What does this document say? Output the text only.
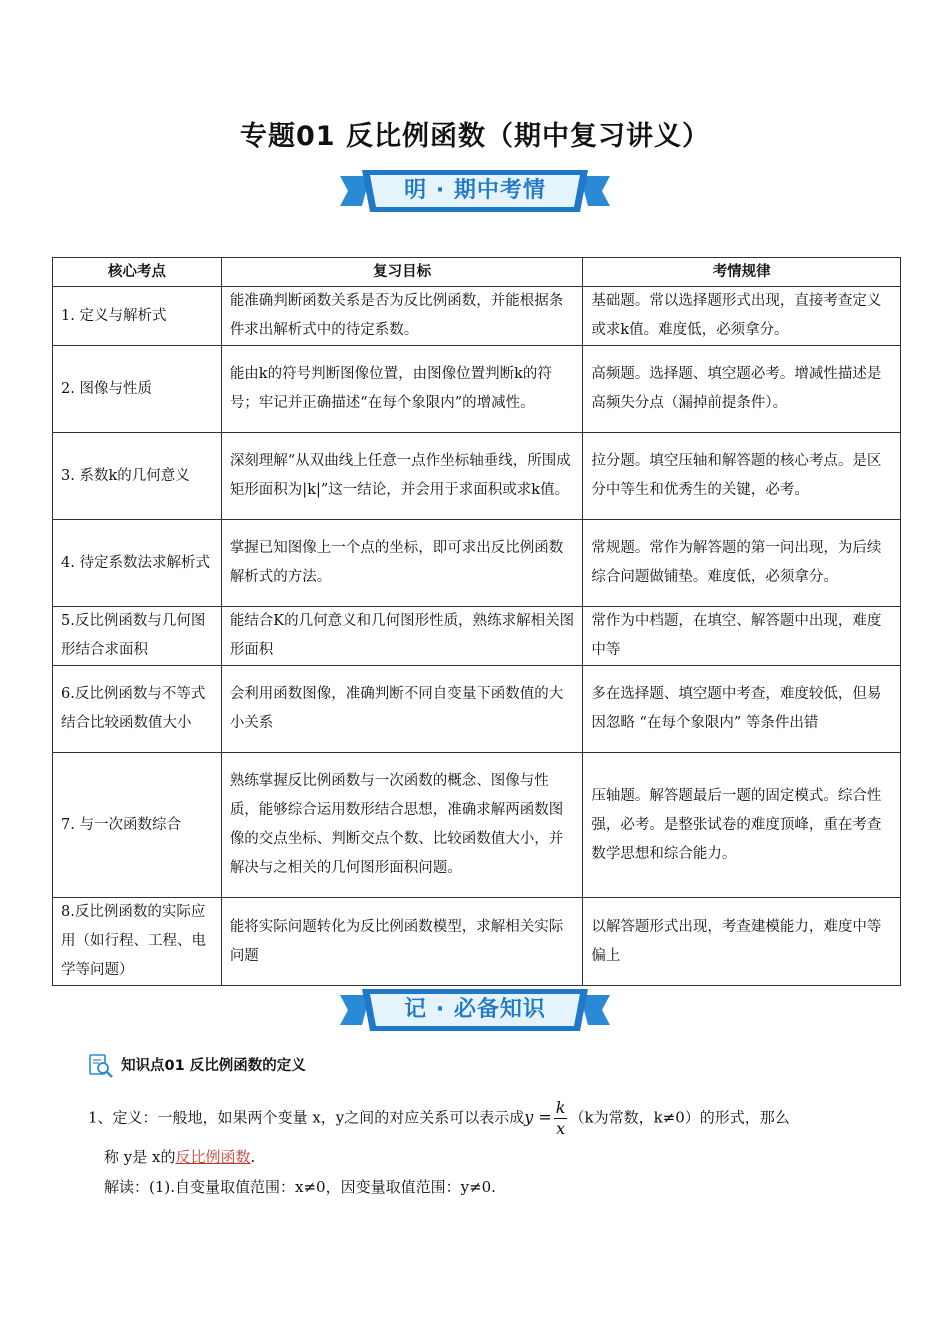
专题01 反比例函数（期中复习讲义）
明 · 期中考情
核心考点	复习目标	考情规律
1. 定义与解析式	能准确判断函数关系是否为反比例函数，并能根据条件求出解析式中的待定系数。	基础题。常以选择题形式出现，直接考查定义或求k值。难度低，必须拿分。
2. 图像与性质	能由k的符号判断图像位置，由图像位置判断k的符号；牢记并正确描述“在每个象限内”的增减性。	高频题。选择题、填空题必考。增减性描述是高频失分点（漏掉前提条件）。
3. 系数k的几何意义	深刻理解“从双曲线上任意一点作坐标轴垂线，所围成矩形面积为|k|”这一结论，并会用于求面积或求k值。	拉分题。填空压轴和解答题的核心考点。是区分中等生和优秀生的关键，必考。
4. 待定系数法求解析式	掌握已知图像上一个点的坐标，即可求出反比例函数解析式的方法。	常规题。常作为解答题的第一问出现，为后续综合问题做铺垫。难度低，必须拿分。
5.反比例函数与几何图形结合求面积	能结合K的几何意义和几何图形性质，熟练求解相关图形面积	常作为中档题，在填空、解答题中出现，难度中等
6.反比例函数与不等式结合比较函数值大小	会利用函数图像，准确判断不同自变量下函数值的大小关系	多在选择题、填空题中考查，难度较低，但易因忽略 “在每个象限内” 等条件出错
7. 与一次函数综合	熟练掌握反比例函数与一次函数的概念、图像与性质，能够综合运用数形结合思想，准确求解两函数图像的交点坐标、判断交点个数、比较函数值大小，并解决与之相关的几何图形面积问题。	压轴题。解答题最后一题的固定模式。综合性强，必考。是整张试卷的难度顶峰，重在考查数学思想和综合能力。
8.反比例函数的实际应用（如行程、工程、电学等问题）	能将实际问题转化为反比例函数模型，求解相关实际问题	以解答题形式出现，考查建模能力，难度中等偏上
记 · 必备知识
知识点01 反比例函数的定义
1、定义：一般地，如果两个变量 x，y之间的对应关系可以表示成$y = \frac{k}{x} (k$为常数，k≠0）的形式，那么
称 y是 x的反比例函数.
解读：(1).自变量取值范围：x≠0，因变量取值范围：y≠0.
